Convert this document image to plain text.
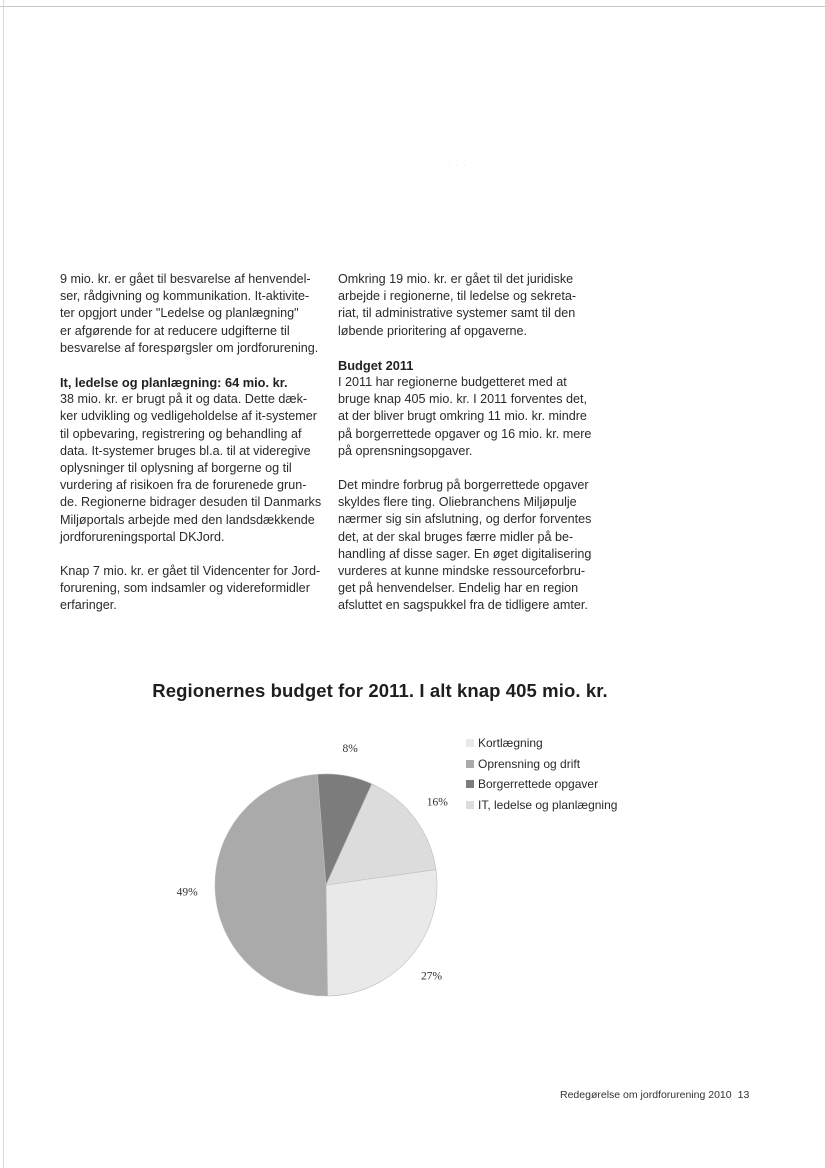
· · ·

9 mio. kr. er gået til besvarelse af henvendel-
ser, rådgivning og kommunikation. It-aktivite-
ter opgjort under "Ledelse og planlægning"
er afgørende for at reducere udgifterne til
besvarelse af forespørgsler om jordforurening.

It, ledelse og planlægning: 64 mio. kr.

38 mio. kr. er brugt på it og data. Dette dæk-
ker udvikling og vedligeholdelse af it-systemer
til opbevaring, registrering og behandling af
data. It-systemer bruges bl.a. til at videregive
oplysninger til oplysning af borgerne og til
vurdering af risikoen fra de forurenede grun-
de. Regionerne bidrager desuden til Danmarks
Miljøportals arbejde med den landsdækkende
jordforureningsportal DKJord.

Knap 7 mio. kr. er gået til Videncenter for Jord-
forurening, som indsamler og videreformidler
erfaringer.

Omkring 19 mio. kr. er gået til det juridiske
arbejde i regionerne, til ledelse og sekreta-
riat, til administrative systemer samt til den
løbende prioritering af opgaverne.

Budget 2011

I 2011 har regionerne budgetteret med at
bruge knap 405 mio. kr. I 2011 forventes det,
at der bliver brugt omkring 11 mio. kr. mindre
på borgerrettede opgaver og 16 mio. kr. mere
på oprensningsopgaver.

Det mindre forbrug på borgerrettede opgaver
skyldes flere ting. Oliebranchens Miljøpulje
nærmer sig sin afslutning, og derfor forventes
det, at der skal bruges færre midler på be-
handling af disse sager. En øget digitalisering
vurderes at kunne mindske ressourceforbru-
get på henvendelser. Endelig har en region
afsluttet en sagspukkel fra de tidligere amter.

Regionernes budget for 2011. I alt knap 405 mio. kr.
27%
49%
8%
16%
Kortlægning
Oprensning og drift
Borgerrettede opgaver
IT, ledelse og planlægning
Redegørelse om jordforurening 2010 13
